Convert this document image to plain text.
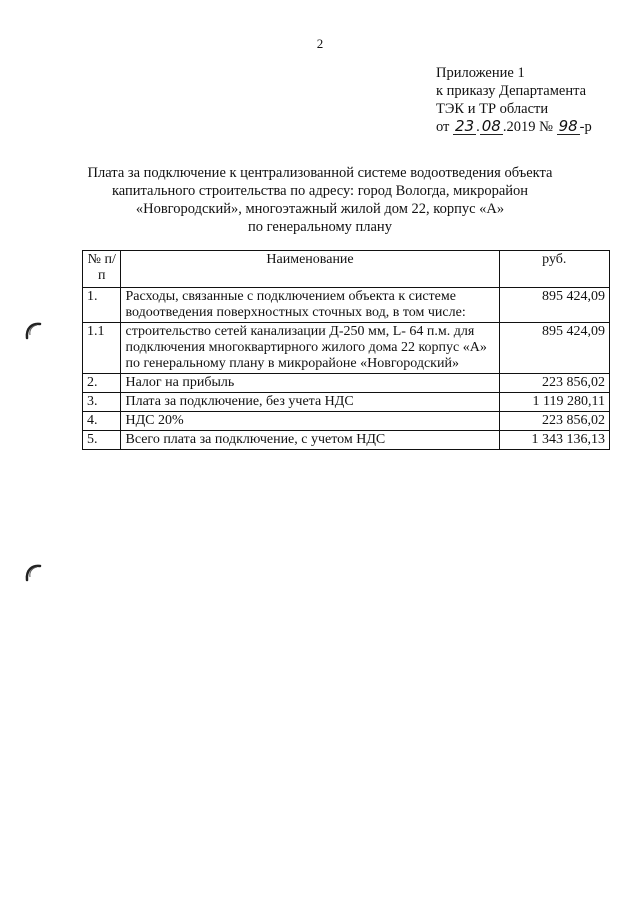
2
Приложение 1
к приказу Департамента
ТЭК и ТР области
от 23 . 08 .2019 № 98 -р
Плата за подключение к централизованной системе водоотведения объекта
капитального строительства по адресу: город Вологда, микрорайон
«Новгородский», многоэтажный жилой дом 22, корпус «А»
по генеральному плану
№ п/п	Наименование	руб.
1.	Расходы, связанные с подключением объекта к системе водоотведения поверхностных сточных вод, в том числе:	895 424,09
1.1	строительство сетей канализации Д-250 мм, L- 64 п.м. для подключения многоквартирного жилого дома 22 корпус «А» по генеральному плану в микрорайоне «Новгородский»	895 424,09
2.	Налог на прибыль	223 856,02
3.	Плата за подключение, без учета НДС	1 119 280,11
4.	НДС 20%	223 856,02
5.	Всего плата за подключение, с учетом НДС	1 343 136,13
